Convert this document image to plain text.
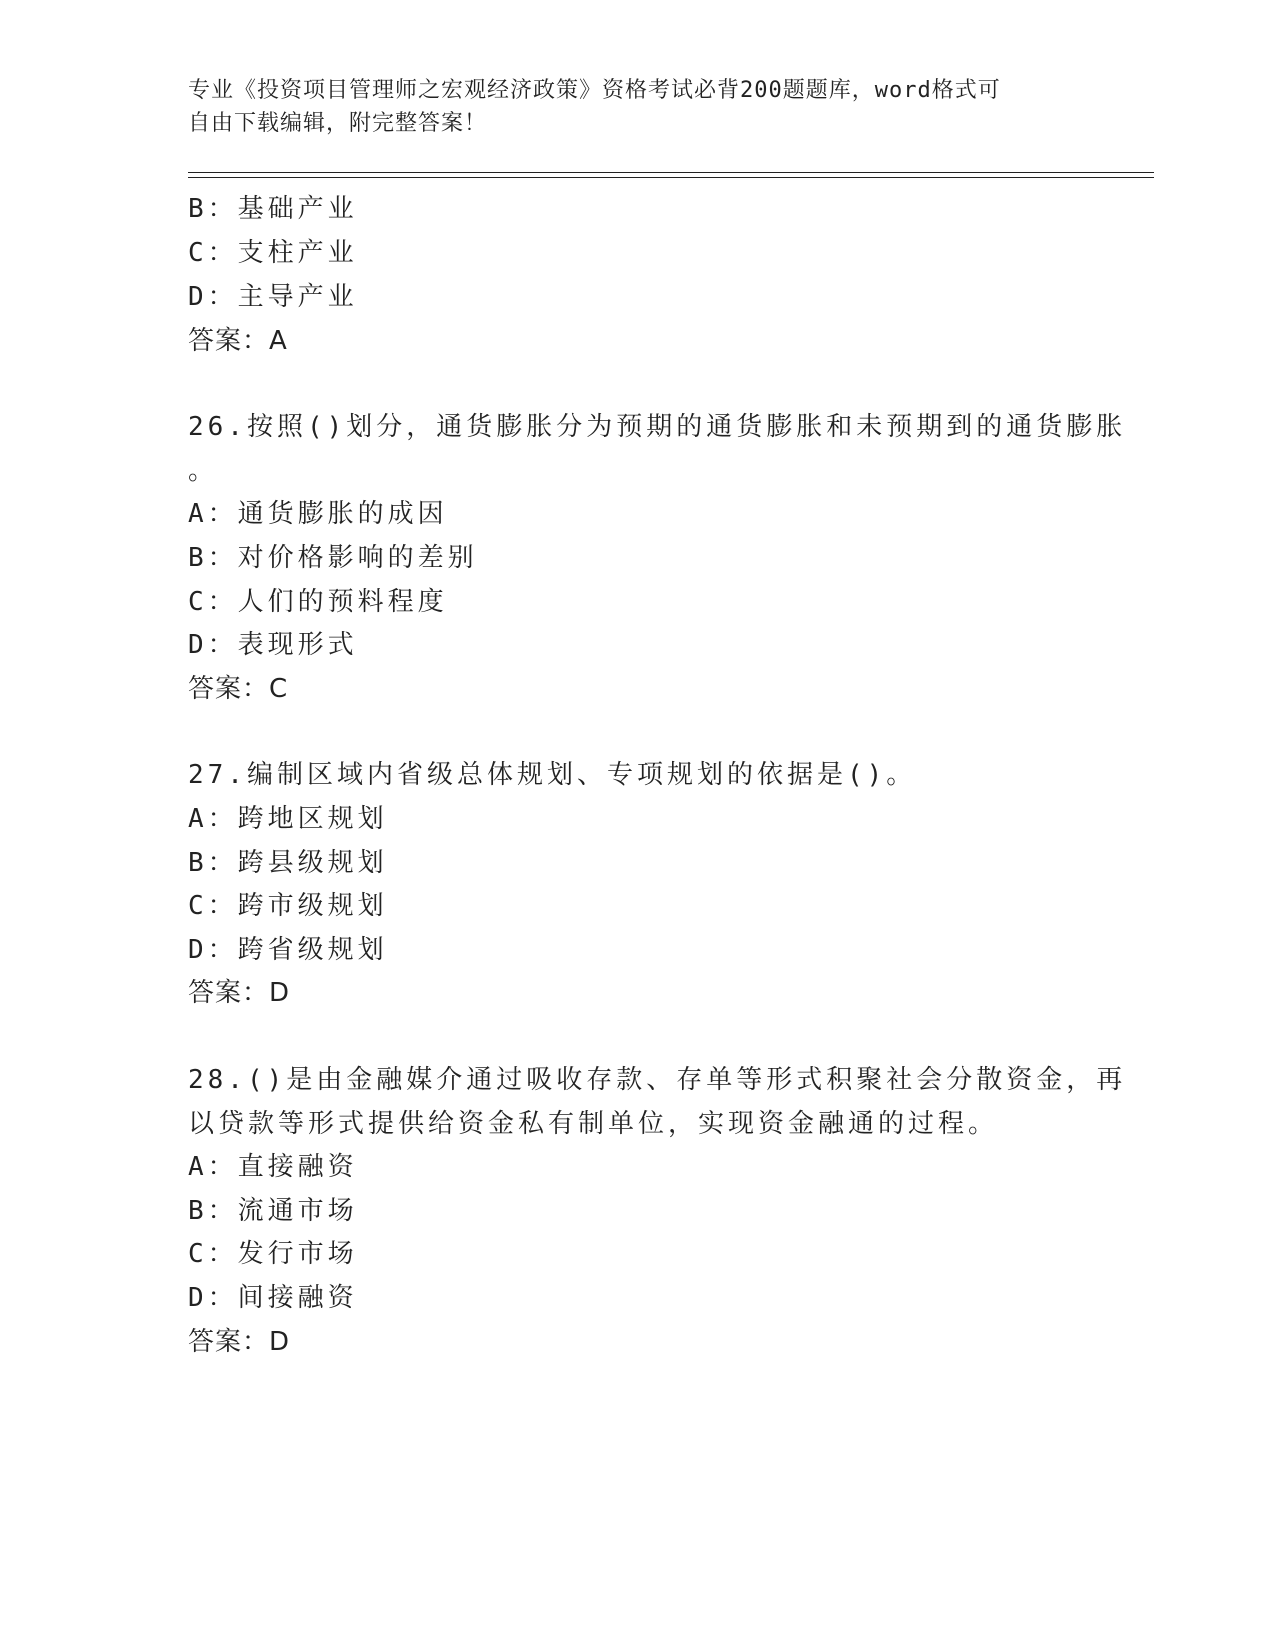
专业《投资项目管理师之宏观经济政策》资格考试必背200题题库，word格式可
自由下载编辑，附完整答案！
B：基础产业
C：支柱产业
D：主导产业
答案：A
26.按照()划分，通货膨胀分为预期的通货膨胀和未预期到的通货膨胀
。
A：通货膨胀的成因
B：对价格影响的差别
C：人们的预料程度
D：表现形式
答案：C
27.编制区域内省级总体规划、专项规划的依据是()。
A：跨地区规划
B：跨县级规划
C：跨市级规划
D：跨省级规划
答案：D
28.()是由金融媒介通过吸收存款、存单等形式积聚社会分散资金，再
以贷款等形式提供给资金私有制单位，实现资金融通的过程。
A：直接融资
B：流通市场
C：发行市场
D：间接融资
答案：D
